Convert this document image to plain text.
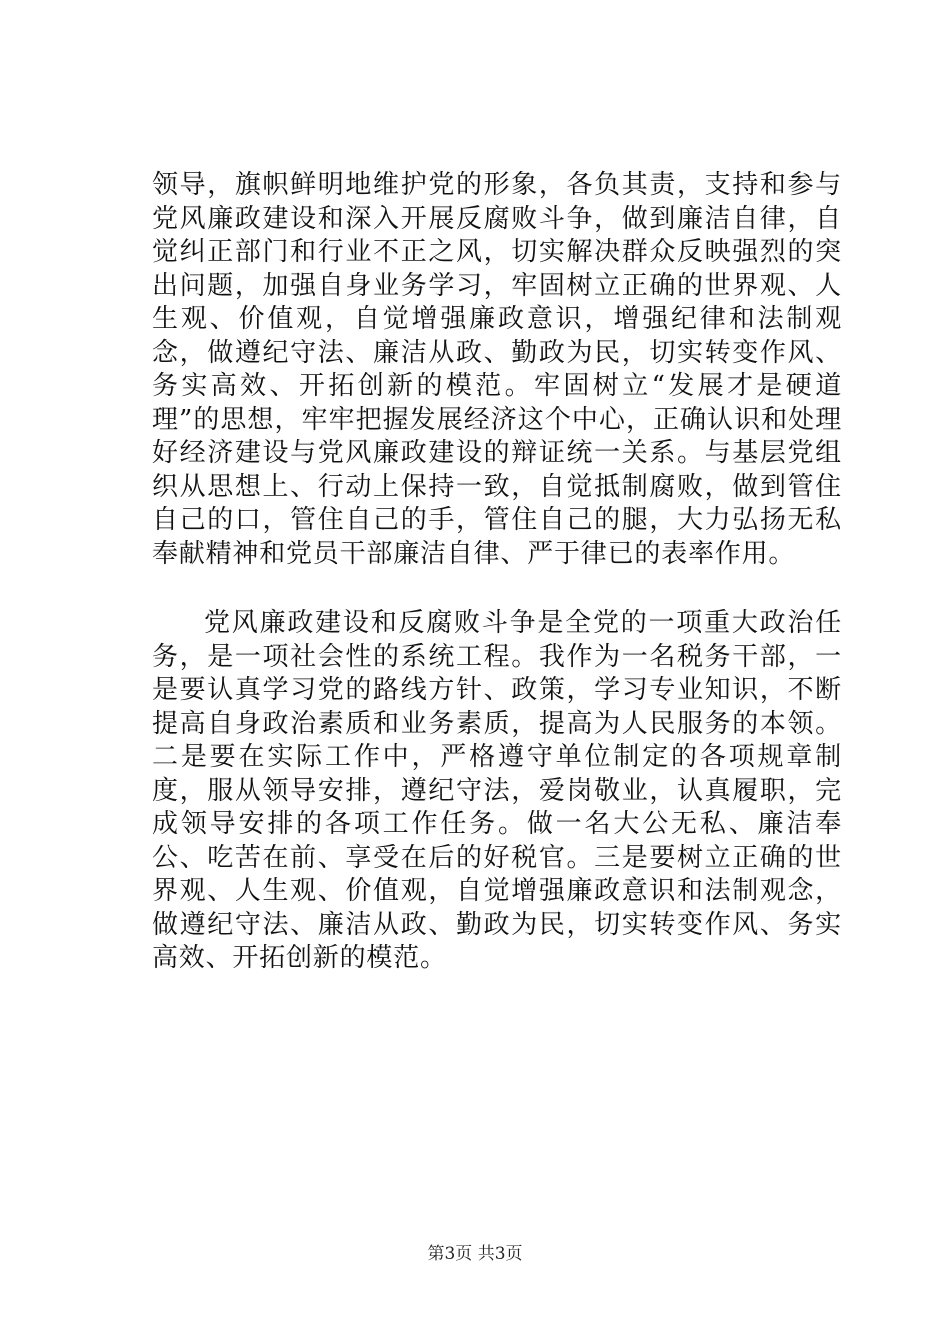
领导，旗帜鲜明地维护党的形象，各负其责，支持和参与党风廉政建设和深入开展反腐败斗争，做到廉洁自律，自觉纠正部门和行业不正之风，切实解决群众反映强烈的突出问题，加强自身业务学习，牢固树立正确的世界观、人生观、价值观，自觉增强廉政意识，增强纪律和法制观念，做遵纪守法、廉洁从政、勤政为民，切实转变作风、务实高效、开拓创新的模范。牢固树立“发展才是硬道理”的思想，牢牢把握发展经济这个中心，正确认识和处理好经济建设与党风廉政建设的辩证统一关系。与基层党组织从思想上、行动上保持一致，自觉抵制腐败，做到管住自己的口，管住自己的手，管住自己的腿，大力弘扬无私奉献精神和党员干部廉洁自律、严于律已的表率作用。

党风廉政建设和反腐败斗争是全党的一项重大政治任务，是一项社会性的系统工程。我作为一名税务干部，一是要认真学习党的路线方针、政策，学习专业知识，不断提高自身政治素质和业务素质，提高为人民服务的本领。二是要在实际工作中，严格遵守单位制定的各项规章制度，服从领导安排，遵纪守法，爱岗敬业，认真履职，完成领导安排的各项工作任务。做一名大公无私、廉洁奉公、吃苦在前、享受在后的好税官。三是要树立正确的世界观、人生观、价值观，自觉增强廉政意识和法制观念，做遵纪守法、廉洁从政、勤政为民，切实转变作风、务实高效、开拓创新的模范。

第3页 共3页
